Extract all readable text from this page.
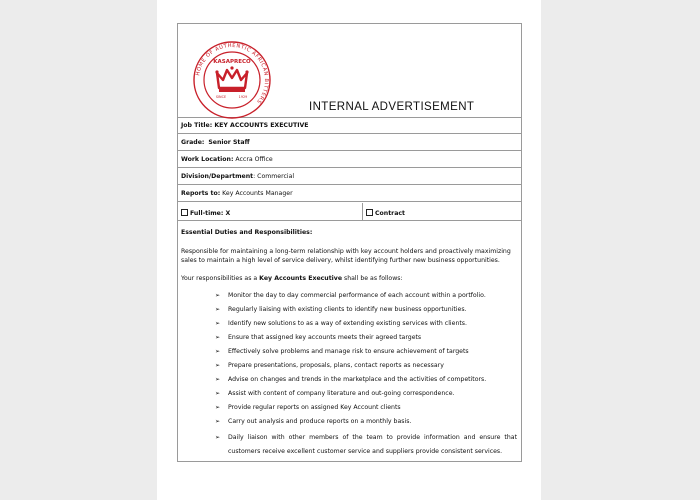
HOME OF AUTHENTIC AFRICAN BITTERS
KASAPRECO
SINCE	1929
INTERNAL ADVERTISEMENT
Job Title: KEY ACCOUNTS EXECUTIVE
Grade: Senior Staff
Work Location: Accra Office
Division/Department: Commercial
Reports to: Key Accounts Manager
Full-time: X	Contract
Essential Duties and Responsibilities:
Responsible for maintaining a long-term relationship with key account holders and proactively maximizing sales to maintain a high level of service delivery, whilst identifying further new business opportunities.
Your responsibilities as a Key Accounts Executive shall be as follows:
➢ Monitor the day to day commercial performance of each account within a portfolio.
➢ Regularly liaising with existing clients to identify new business opportunities.
➢ Identify new solutions to as a way of extending existing services with clients.
➢ Ensure that assigned key accounts meets their agreed targets
➢ Effectively solve problems and manage risk to ensure achievement of targets
➢ Prepare presentations, proposals, plans, contact reports as necessary
➢ Advise on changes and trends in the marketplace and the activities of competitors.
➢ Assist with content of company literature and out-going correspondence.
➢ Provide regular reports on assigned Key Account clients
➢ Carry out analysis and produce reports on a monthly basis.
➢ Daily liaison with other members of the team to provide information and ensure that customers receive excellent customer service and suppliers provide consistent services.
